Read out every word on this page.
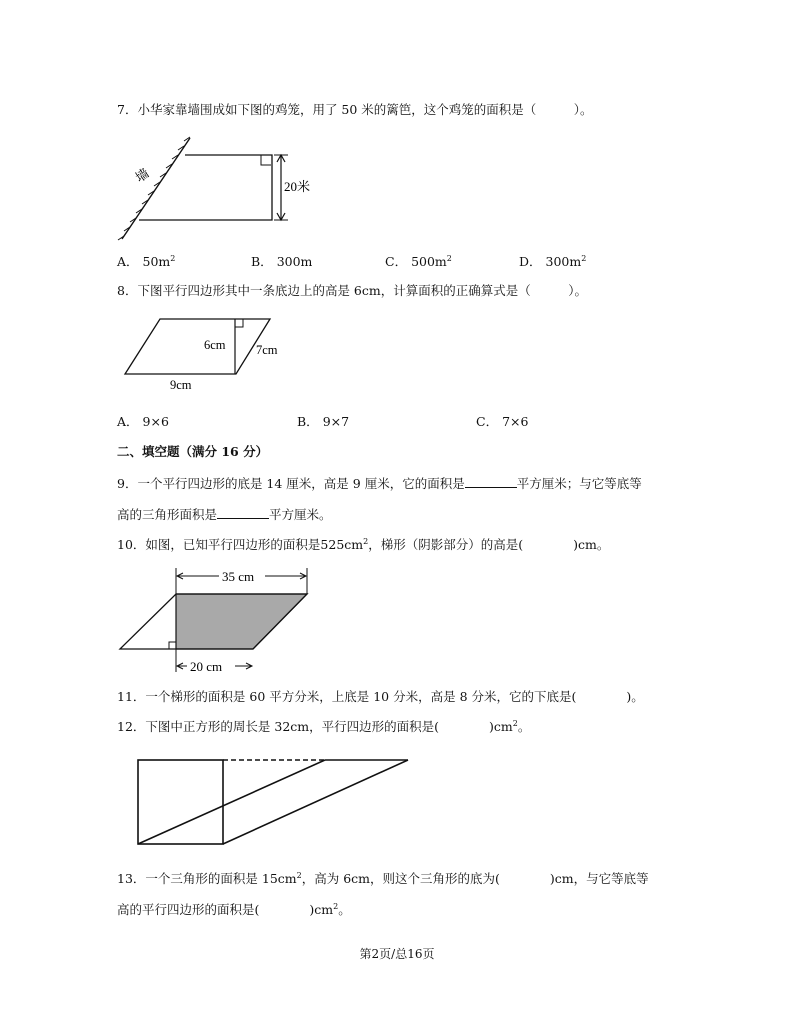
7．小华家靠墙围成如下图的鸡笼，用了 50 米的篱笆，这个鸡笼的面积是（　　　）。
墙
20米
A． $50m^2$	B． 300m	C． $500m^2$	D． $300m^2$
8．下图平行四边形其中一条底边上的高是 6cm，计算面积的正确算式是（　　　）。
6cm 7cm
9cm
A． 9×6	B． 9×7	C． 7×6
二、填空题（满分 16 分）
9．一个平行四边形的底是 14 厘米，高是 9 厘米，它的面积是	平方厘米；与它等底等
高的三角形面积是	平方厘米。
10．如图，已知平行四边形的面积是$525cm^2$，梯形（阴影部分）的高是(　　　　)cm。
35 cm
20 cm
11．一个梯形的面积是 60 平方分米，上底是 10 分米，高是 8 分米，它的下底是(　　　　)。
12．下图中正方形的周长是 32cm，平行四边形的面积是(　　　　)$cm^2$。
13．一个三角形的面积是 $15cm^2$，高为 6cm，则这个三角形的底为(　　　　)cm，与它等底等
高的平行四边形的面积是(　　　　)$cm^2$。
第2页/总16页
